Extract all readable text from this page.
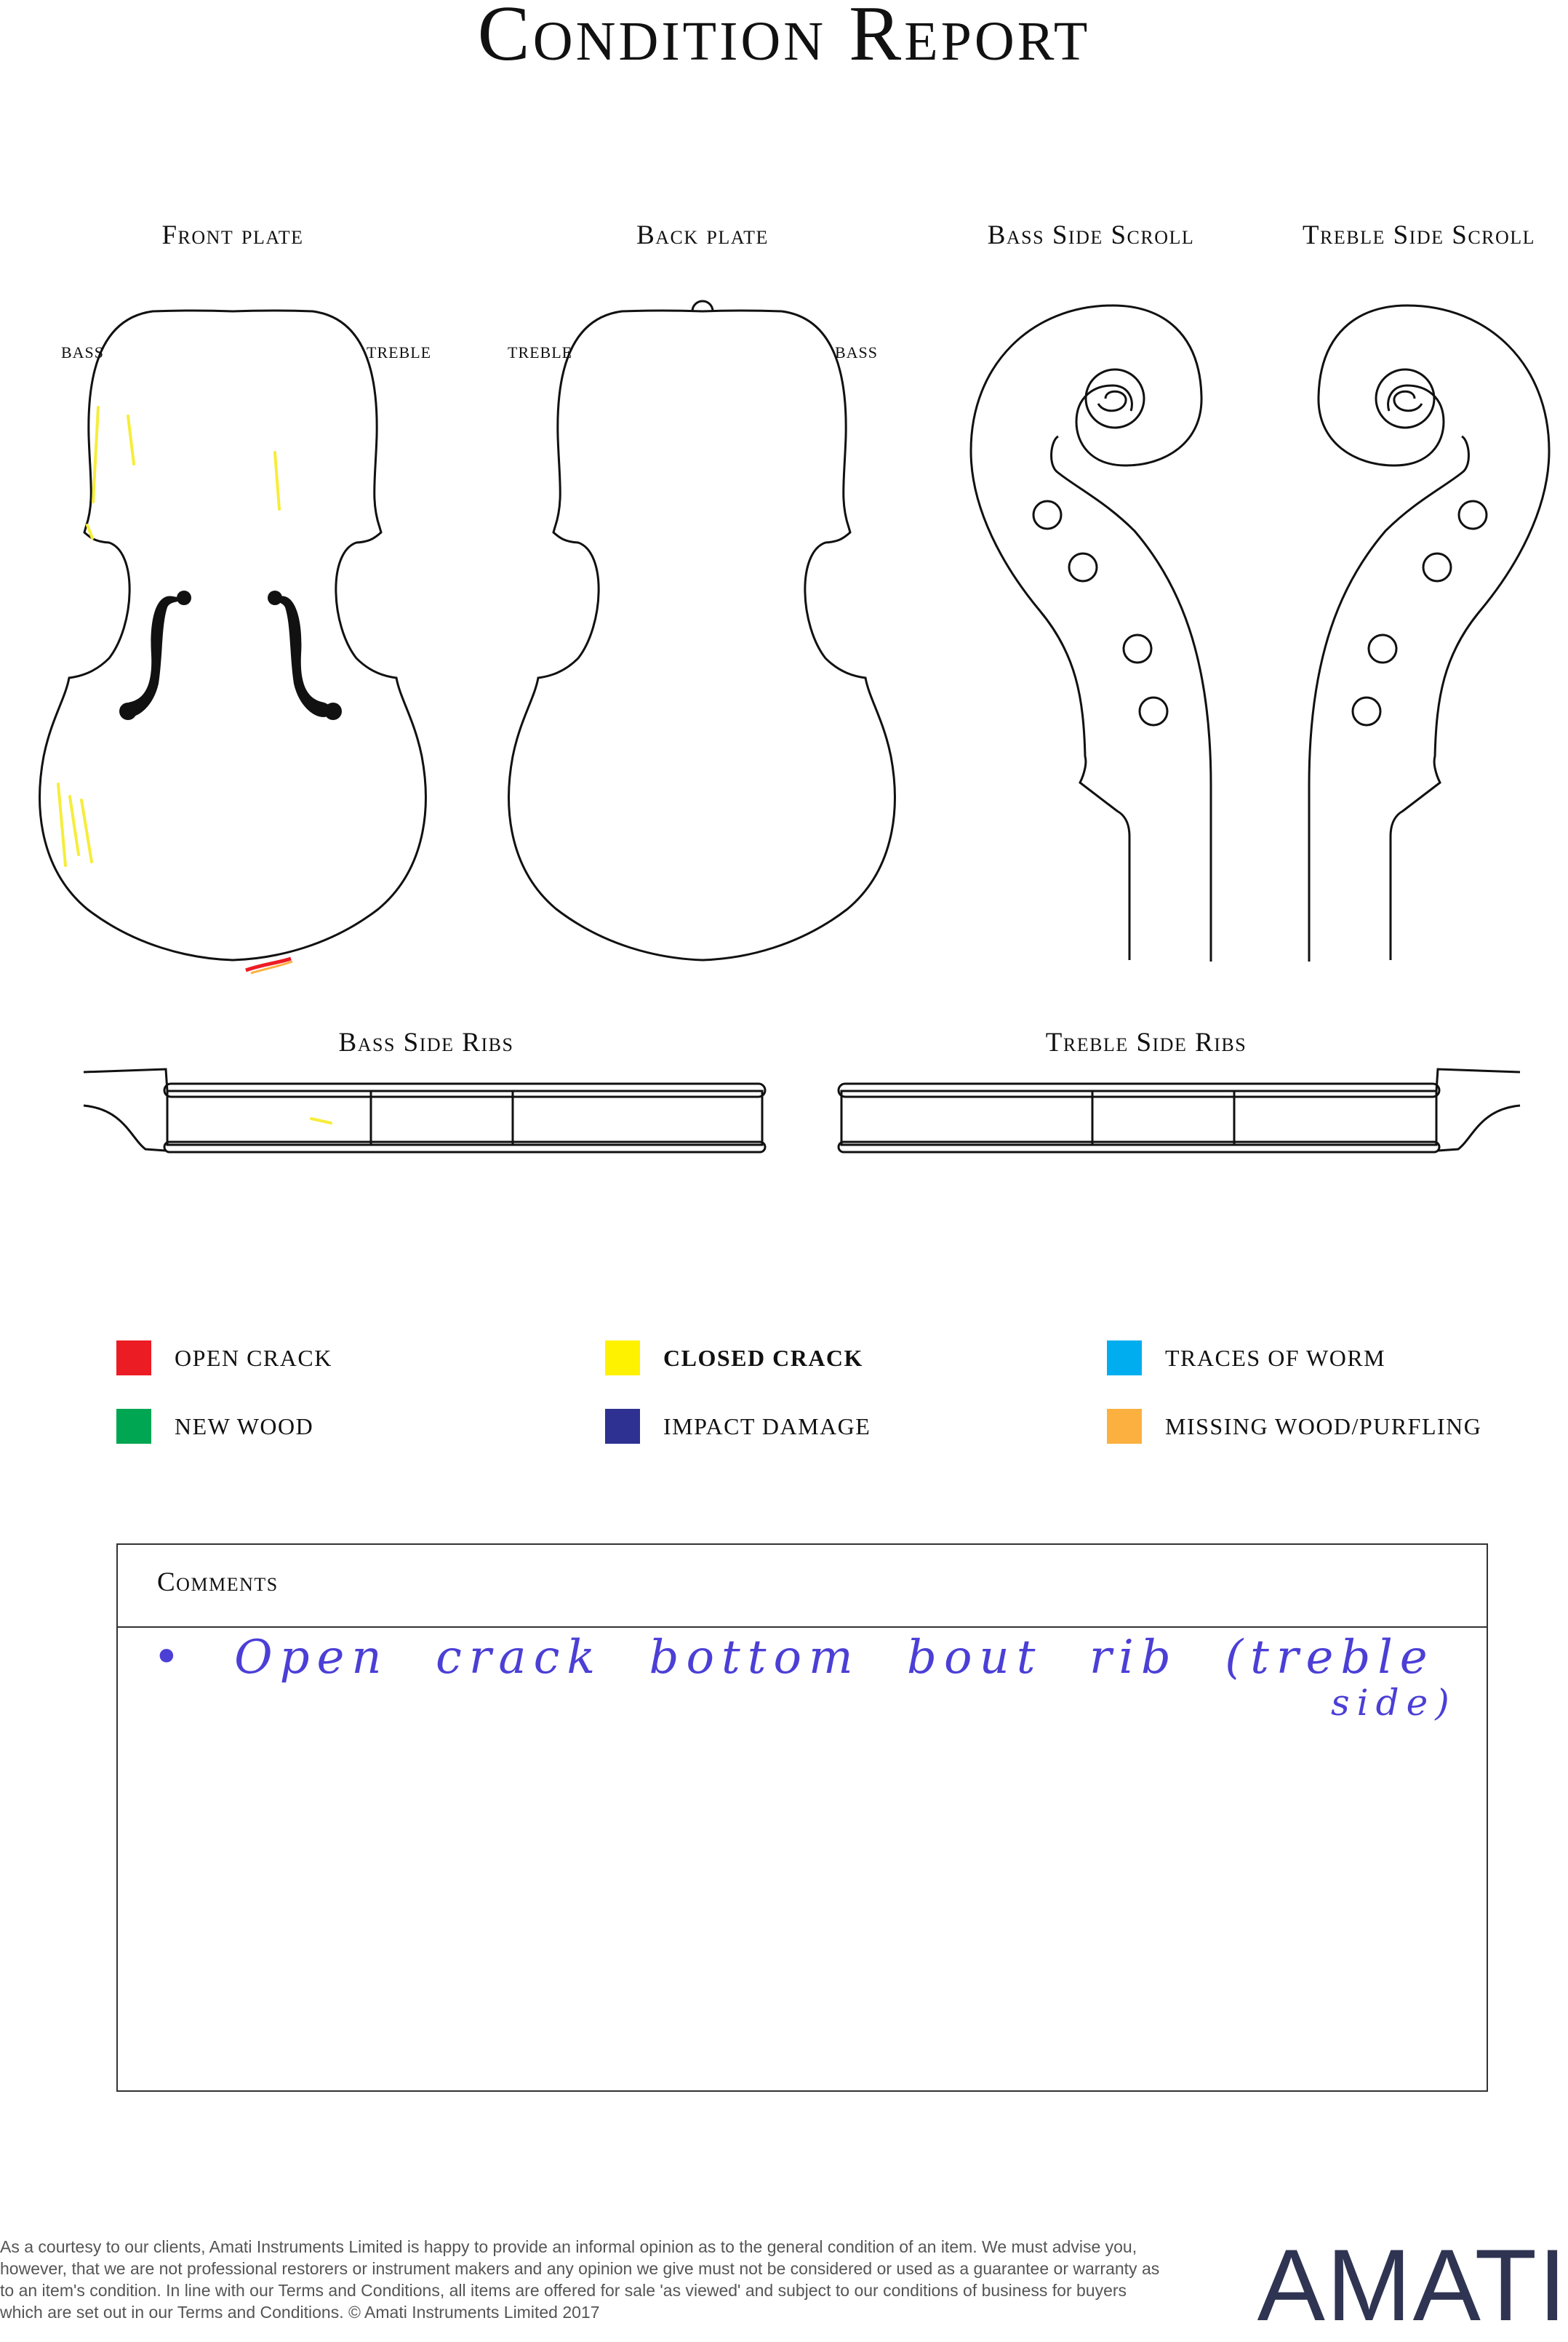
Condition Report
Front plate	Back plate	Bass Side Scroll	Treble Side Scroll
Bass Side Ribs	Treble Side Ribs
BASS	TREBLE	TREBLE	BASS
OPEN CRACK	CLOSED CRACK	TRACES OF WORM
NEW WOOD	IMPACT DAMAGE	MISSING WOOD/PURFLING
Comments
• Open crack bottom bout rib (treble
side)
As a courtesy to our clients, Amati Instruments Limited is happy to provide an informal opinion as to the general condition of an item. We must advise you, however, that we are not professional restorers or instrument makers and any opinion we give must not be considered or used as a guarantee or warranty as to an item's condition. In line with our Terms and Conditions, all items are offered for sale 'as viewed' and subject to our conditions of business for buyers which are set out in our Terms and Conditions. © Amati Instruments Limited 2017	AMATI
